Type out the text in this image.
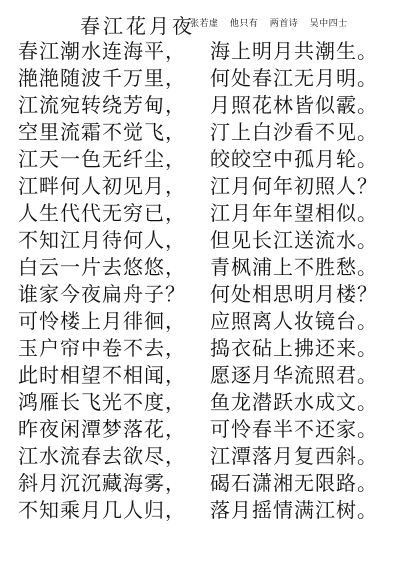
春江花月夜
张若虚 他只有 两首诗 吴中四士
春江潮水连海平， 海上明月共潮生。
滟滟随波千万里， 何处春江无月明。
江流宛转绕芳甸， 月照花林皆似霰。
空里流霜不觉飞， 汀上白沙看不见。
江天一色无纤尘， 皎皎空中孤月轮。
江畔何人初见月， 江月何年初照人？
人生代代无穷已， 江月年年望相似。
不知江月待何人， 但见长江送流水。
白云一片去悠悠， 青枫浦上不胜愁。
谁家今夜扁舟子？ 何处相思明月楼？
可怜楼上月徘徊， 应照离人妆镜台。
玉户帘中卷不去， 捣衣砧上拂还来。
此时相望不相闻， 愿逐月华流照君。
鸿雁长飞光不度， 鱼龙潜跃水成文。
昨夜闲潭梦落花， 可怜春半不还家。
江水流春去欲尽， 江潭落月复西斜。
斜月沉沉藏海雾， 碣石潇湘无限路。
不知乘月几人归， 落月摇情满江树。
